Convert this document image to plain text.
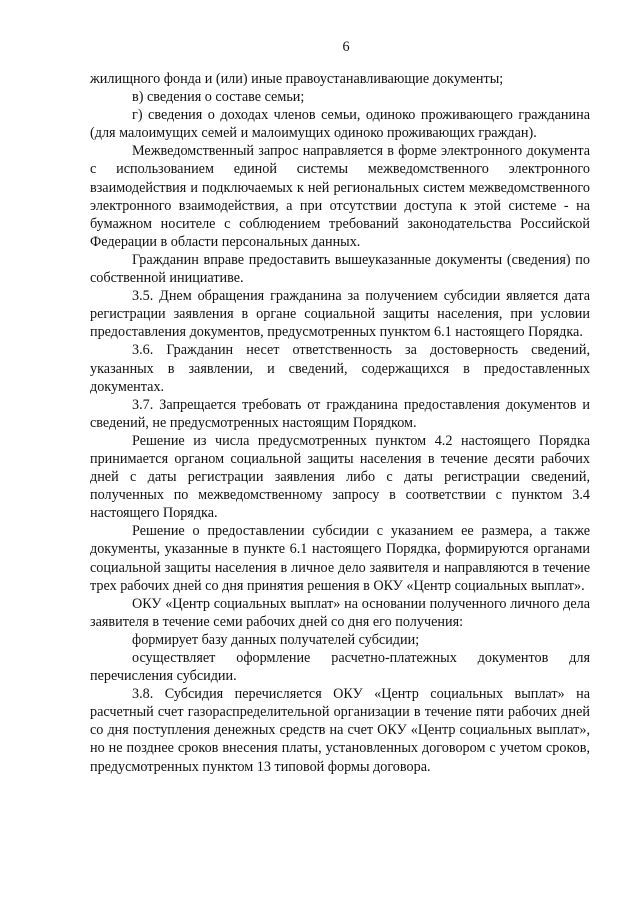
6

жилищного фонда и (или) иные правоустанавливающие документы;

в) сведения о составе семьи;

г) сведения о доходах членов семьи, одиноко проживающего гражданина (для малоимущих семей и малоимущих одиноко проживающих граждан).

Межведомственный запрос направляется в форме электронного документа с использованием единой системы межведомственного электронного взаимодействия и подключаемых к ней региональных систем межведомственного электронного взаимодействия, а при отсутствии доступа к этой системе - на бумажном носителе с соблюдением требований законодательства Российской Федерации в области персональных данных.

Гражданин вправе предоставить вышеуказанные документы (сведения) по собственной инициативе.

3.5. Днем обращения гражданина за получением субсидии является дата регистрации заявления в органе социальной защиты населения, при условии предоставления документов, предусмотренных пунктом 6.1 настоящего Порядка.

3.6. Гражданин несет ответственность за достоверность сведений, указанных в заявлении, и сведений, содержащихся в предоставленных документах.

3.7. Запрещается требовать от гражданина предоставления документов и сведений, не предусмотренных настоящим Порядком.

Решение из числа предусмотренных пунктом 4.2 настоящего Порядка принимается органом социальной защиты населения в течение десяти рабочих дней с даты регистрации заявления либо с даты регистрации сведений, полученных по межведомственному запросу в соответствии с пунктом 3.4 настоящего Порядка.

Решение о предоставлении субсидии с указанием ее размера, а также документы, указанные в пункте 6.1 настоящего Порядка, формируются органами социальной защиты населения в личное дело заявителя и направляются в течение трех рабочих дней со дня принятия решения в ОКУ «Центр социальных выплат».

ОКУ «Центр социальных выплат» на основании полученного личного дела заявителя в течение семи рабочих дней со дня его получения:

формирует базу данных получателей субсидии;

осуществляет оформление расчетно-платежных документов для перечисления субсидии.

3.8. Субсидия перечисляется ОКУ «Центр социальных выплат» на расчетный счет газораспределительной организации в течение пяти рабочих дней со дня поступления денежных средств на счет ОКУ «Центр социальных выплат», но не позднее сроков внесения платы, установленных договором с учетом сроков, предусмотренных пунктом 13 типовой формы договора.
